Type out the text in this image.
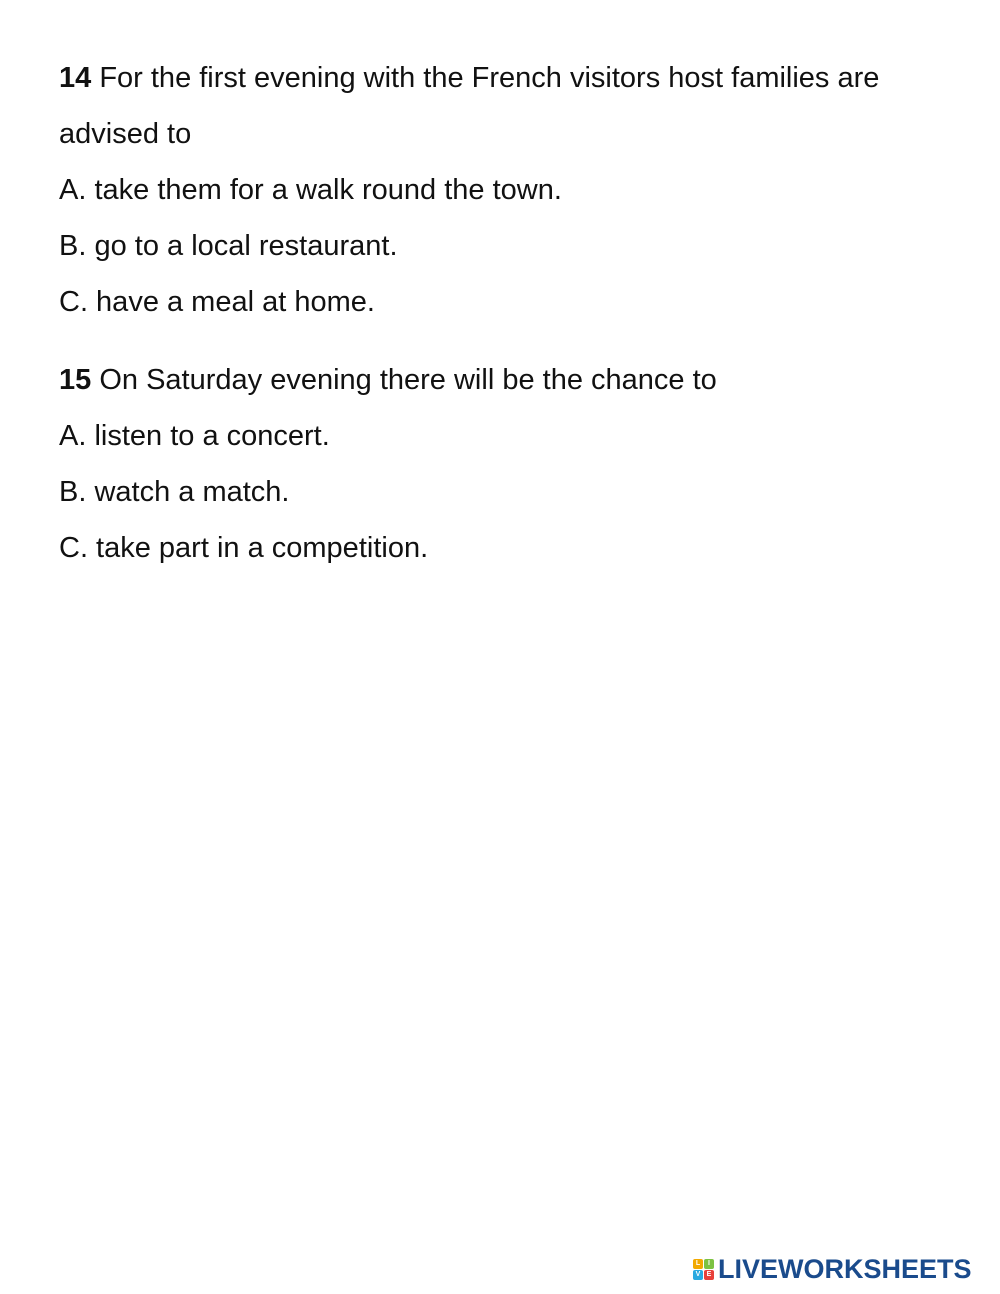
14 For the first evening with the French visitors host families are advised to

A. take them for a walk round the town.

B. go to a local restaurant.

C. have a meal at home.

15 On Saturday evening there will be the chance to

A. listen to a concert.

B. watch a match.

C. take part in a competition.

L	I
V E LIVEWORKSHEETS
